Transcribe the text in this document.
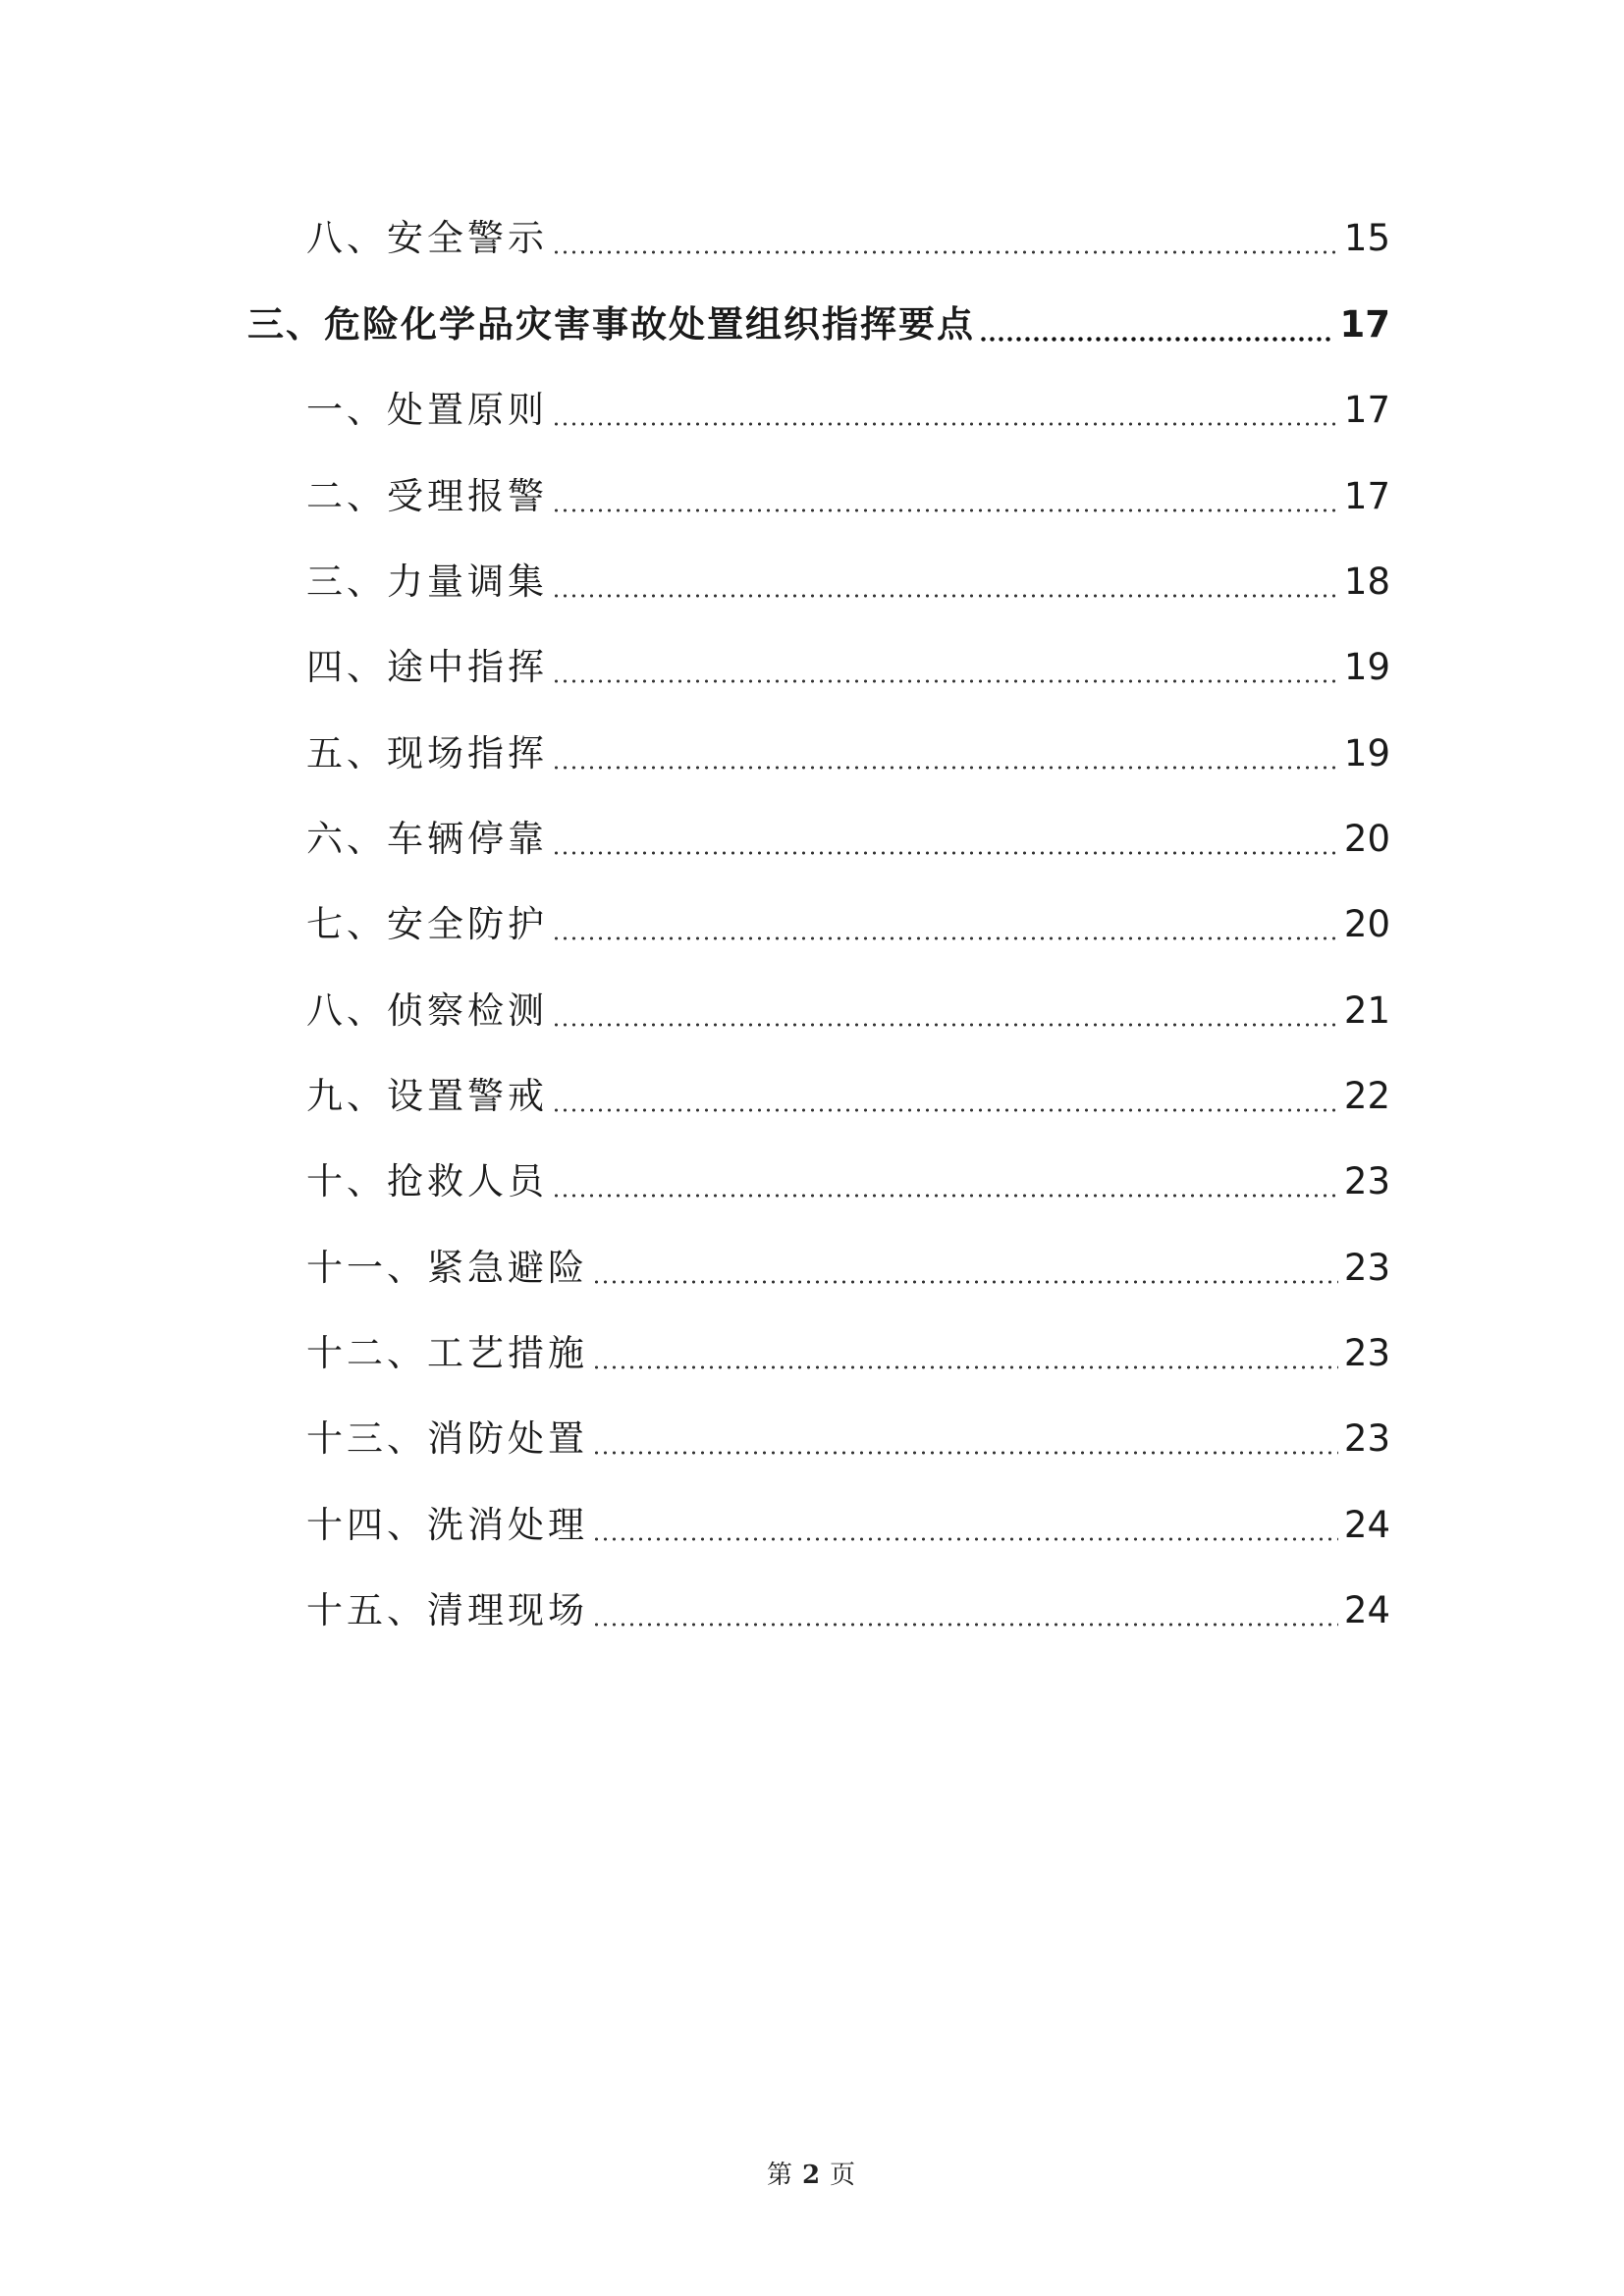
八、安全警示	15
三、危险化学品灾害事故处置组织指挥要点	17
一、处置原则	17
二、受理报警	17
三、力量调集	18
四、途中指挥	19
五、现场指挥	19
六、车辆停靠	20
七、安全防护	20
八、侦察检测	21
九、设置警戒	22
十、抢救人员	23
十一、紧急避险	23
十二、工艺措施	23
十三、消防处置	23
十四、洗消处理	24
十五、清理现场	24
第 2 页
